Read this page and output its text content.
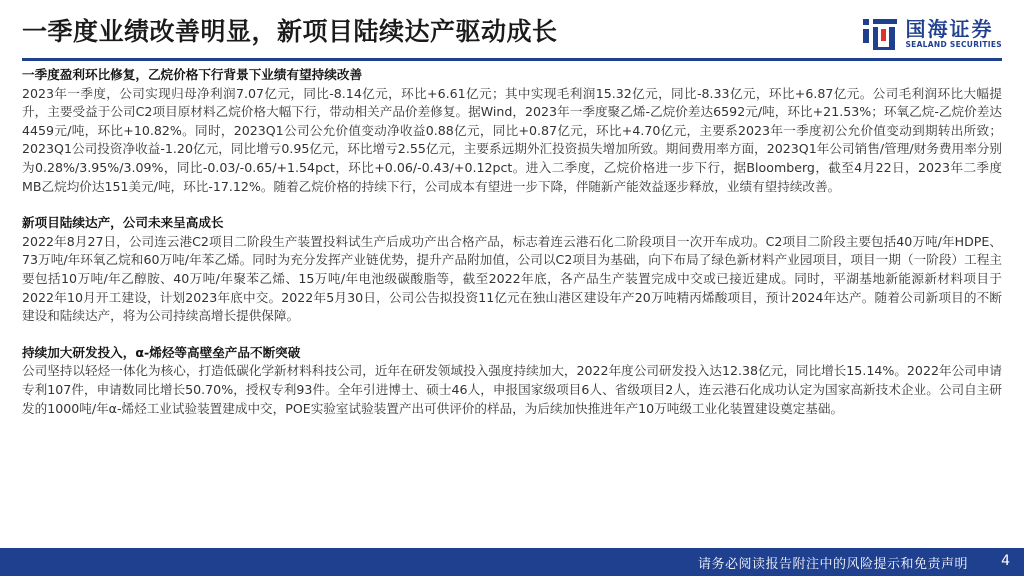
一季度业绩改善明显，新项目陆续达产驱动成长	国海证券
SEALAND SECURITIES
一季度盈利环比修复，乙烷价格下行背景下业绩有望持续改善
2023年一季度，公司实现归母净利润7.07亿元，同比-8.14亿元，环比+6.61亿元；其中实现毛利润15.32亿元，同比-8.33亿元，环比+6.87亿元。公司毛利润环比大幅提升，主要受益于公司C2项目原材料乙烷价格大幅下行，带动相关产品价差修复。据Wind，2023年一季度聚乙烯-乙烷价差达6592元/吨，环比+21.53%；环氧乙烷-乙烷价差达4459元/吨，环比+10.82%。同时，2023Q1公司公允价值变动净收益0.88亿元，同比+0.87亿元，环比+4.70亿元，主要系2023年一季度初公允价值变动到期转出所致；2023Q1公司投资净收益-1.20亿元，同比增亏0.95亿元，环比增亏2.55亿元，主要系远期外汇投资损失增加所致。期间费用率方面，2023Q1年公司销售/管理/财务费用率分别为0.28%/3.95%/3.09%，同比-0.03/-0.65/+1.54pct，环比+0.06/-0.43/+0.12pct。进入二季度，乙烷价格进一步下行，据Bloomberg，截至4月22日，2023年二季度MB乙烷均价达151美元/吨，环比-17.12%。随着乙烷价格的持续下行，公司成本有望进一步下降，伴随新产能效益逐步释放，业绩有望持续改善。
新项目陆续达产，公司未来呈高成长
2022年8月27日，公司连云港C2项目二阶段生产装置投料试生产后成功产出合格产品，标志着连云港石化二阶段项目一次开车成功。C2项目二阶段主要包括40万吨/年HDPE、73万吨/年环氧乙烷和60万吨/年苯乙烯。同时为充分发挥产业链优势，提升产品附加值，公司以C2项目为基础，向下布局了绿色新材料产业园项目，项目一期（一阶段）工程主要包括10万吨/年乙醇胺、40万吨/年聚苯乙烯、15万吨/年电池级碳酸脂等，截至2022年底，各产品生产装置完成中交或已接近建成。同时，平湖基地新能源新材料项目于2022年10月开工建设，计划2023年底中交。2022年5月30日，公司公告拟投资11亿元在独山港区建设年产20万吨精丙烯酸项目，预计2024年达产。随着公司新项目的不断建设和陆续达产，将为公司持续高增长提供保障。
持续加大研发投入，α-烯烃等高壁垒产品不断突破
公司坚持以轻烃一体化为核心，打造低碳化学新材料科技公司，近年在研发领域投入强度持续加大，2022年度公司研发投入达12.38亿元，同比增长15.14%。2022年公司申请专利107件，申请数同比增长50.70%，授权专利93件。全年引进博士、硕士46人，申报国家级项目6人、省级项目2人，连云港石化成功认定为国家高新技术企业。公司自主研发的1000吨/年α-烯烃工业试验装置建成中交，POE实验室试验装置产出可供评价的样品，为后续加快推进年产10万吨级工业化装置建设奠定基础。
请务必阅读报告附注中的风险提示和免责声明 4
